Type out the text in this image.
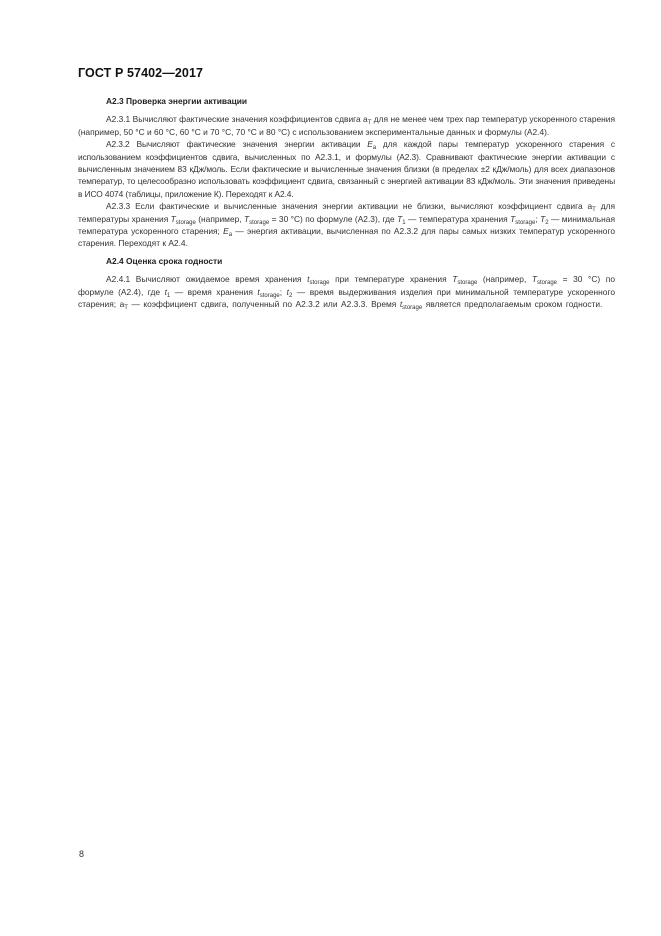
ГОСТ Р 57402—2017
А2.3 Проверка энергии активации

А2.3.1 Вычисляют фактические значения коэффициентов сдвига $a_T$ для не менее чем трех пар температур ускоренного старения (например, 50 °С и 60 °С, 60 °С и 70 °С, 70 °С и 80 °С) с использованием экспериментальные данных и формулы (А2.4).

А2.3.2 Вычисляют фактические значения энергии активации $E_a$ для каждой пары температур ускоренного старения с использованием коэффициентов сдвига, вычисленных по А2.3.1, и формулы (А2.3). Сравнивают фактические энергии активации с вычисленным значением 83 кДж/моль. Если фактические и вычисленные значения близки (в пределах ±2 кДж/моль) для всех диапазонов температур, то целесообразно использовать коэффициент сдвига, связанный с энергией активации 83 кДж/моль. Эти значения приведены в ИСО 4074 (таблицы, приложение К). Переходят к А2.4.

А2.3.3 Если фактические и вычисленные значения энергии активации не близки, вычисляют коэффициент сдвига $a_T$ для температуры хранения $T_{storage}$ (например, $T_{storage} = 30$ °С) по формуле (А2.3), где $T_1$ — температура хранения $T_{storage}$; $T_2$ — минимальная температура ускоренного старения; $E_a$ — энергия активации, вычисленная по А2.3.2 для пары самых низких температур ускоренного старения. Переходят к А2.4.

А2.4 Оценка срока годности

А2.4.1 Вычисляют ожидаемое время хранения $t_{storage}$ при температуре хранения $T_{storage}$ (например, $T_{storage} = 30$ °С) по формуле (А2.4), где $t_1$ — время хранения $t_{storage}$; $t_2$ — время выдерживания изделия при минимальной температуре ускоренного старения; $a_T$ — коэффициент сдвига, полученный по А2.3.2 или А2.3.3. Время $t_{storage}$ является предполагаемым сроком годности.

8
